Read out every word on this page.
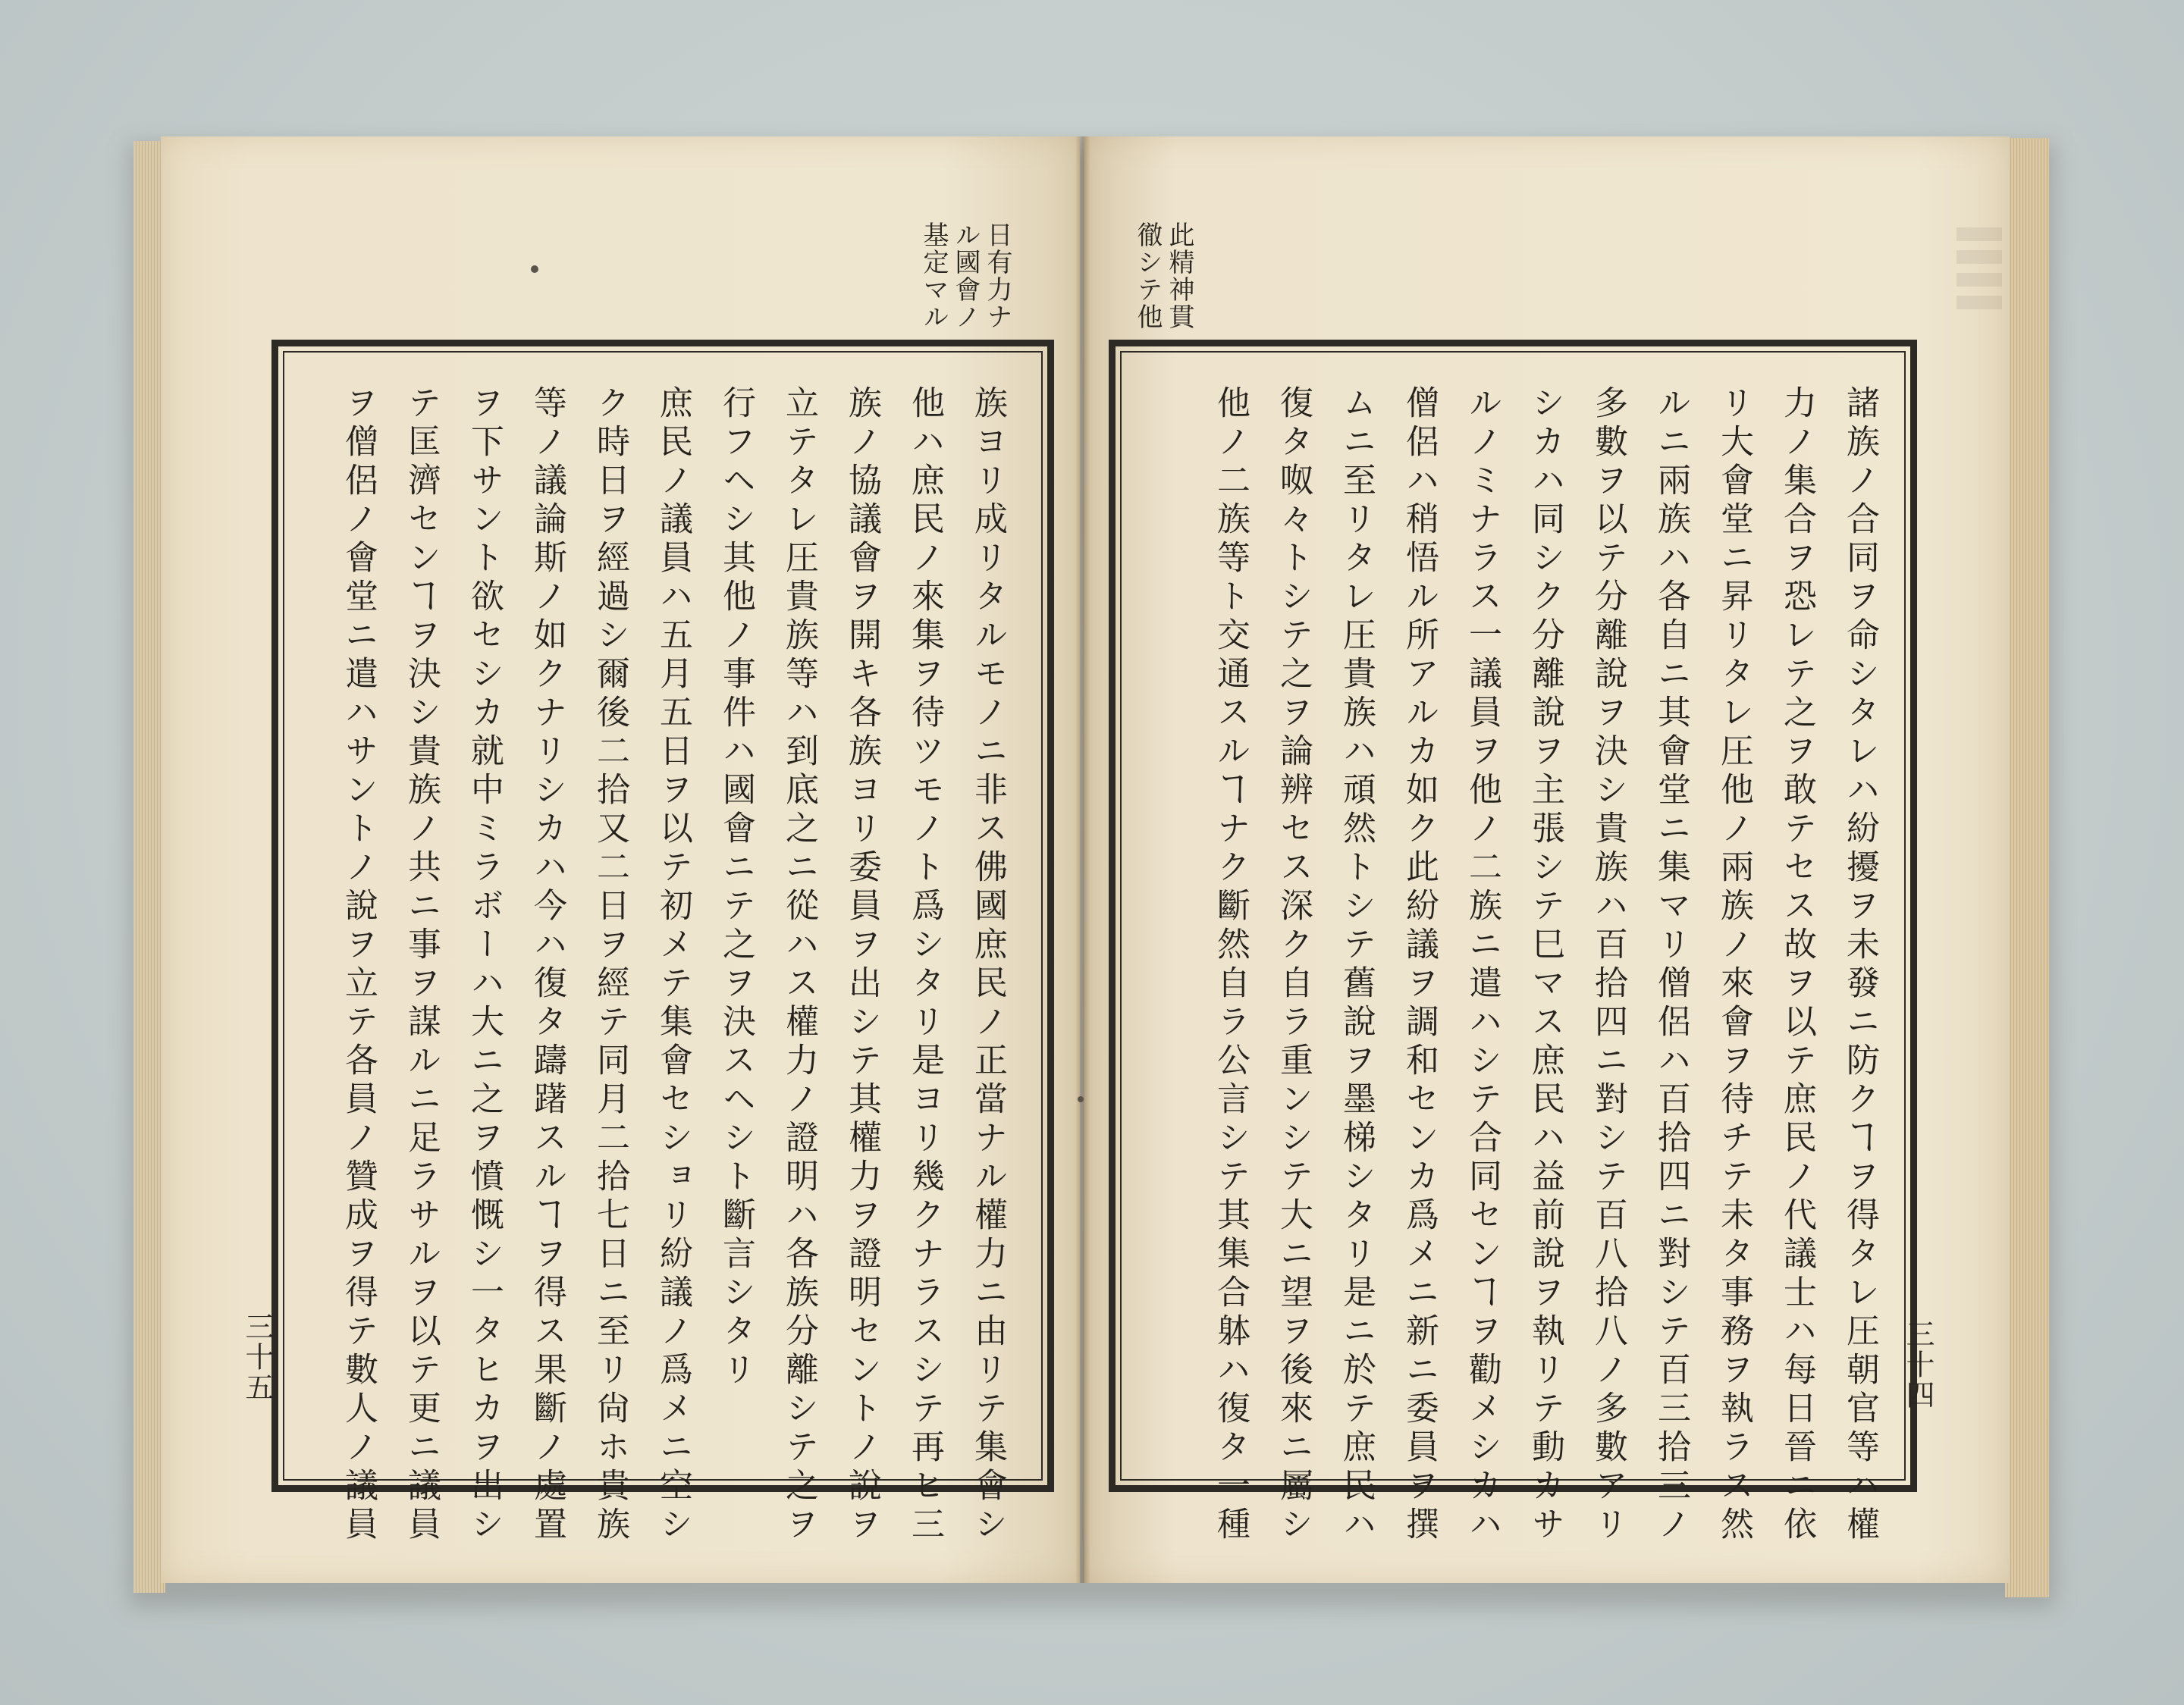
日有力ナ
ル國會ノ
基定マル	此精神貫
徹シテ他

族ヨリ成リタルモノニ非ス佛國庶民ノ正當ナル權力ニ由リテ集會シ

他ハ庶民ノ來集ヲ待ツモノト爲シタリ是ヨリ幾クナラスシテ再ヒ三

族ノ協議會ヲ開キ各族ヨリ委員ヲ出シテ其權力ヲ證明セントノ說ヲ

立テタレ圧貴族等ハ到底之ニ從ハス權力ノ證明ハ各族分離シテ之ヲ

行フヘシ其他ノ事件ハ國會ニテ之ヲ決スヘシト斷言シタリ

庶民ノ議員ハ五月五日ヲ以テ初メテ集會セショリ紛議ノ爲メニ空シ

ク時日ヲ經過シ爾後二拾又二日ヲ經テ同月二拾七日ニ至リ尙ホ貴族

等ノ議論斯ノ如クナリシカハ今ハ復タ躊躇スルヿヲ得ス果斷ノ處置

ヲ下サント欲セシカ就中ミラボーハ大ニ之ヲ憤慨シ一タヒカヲ出シ

テ匡濟センヿヲ決シ貴族ノ共ニ事ヲ謀ルニ足ラサルヲ以テ更ニ議員

ヲ僧侶ノ會堂ニ遣ハサントノ說ヲ立テ各員ノ贊成ヲ得テ數人ノ議員	諸族ノ合同ヲ命シタレハ紛擾ヲ未發ニ防クヿヲ得タレ圧朝官等ハ權

力ノ集合ヲ恐レテ之ヲ敢テセス故ヲ以テ庶民ノ代議士ハ每日晉ニ依

リ大會堂ニ昇リタレ圧他ノ兩族ノ來會ヲ待チテ未タ事務ヲ執ラス然

ルニ兩族ハ各自ニ其會堂ニ集マリ僧侶ハ百拾四ニ對シテ百三拾三ノ

多數ヲ以テ分離說ヲ決シ貴族ハ百拾四ニ對シテ百八拾八ノ多數アリ

シカハ同シク分離說ヲ主張シテ巳マス庶民ハ益前說ヲ執リテ動カサ

ルノミナラス一議員ヲ他ノ二族ニ遣ハシテ合同センヿヲ勸メシカハ

僧侶ハ稍悟ル所アルカ如ク此紛議ヲ調和センカ爲メニ新ニ委員ヲ撰

ムニ至リタレ圧貴族ハ頑然トシテ舊說ヲ墨梯シタリ是ニ於テ庶民ハ

復タ呶々トシテ之ヲ論辨セス深ク自ラ重ンシテ大ニ望ヲ後來ニ屬シ

他ノ二族等ト交通スルヿナク斷然自ラ公言シテ其集合躰ハ復タ一種

三十五	三十四
